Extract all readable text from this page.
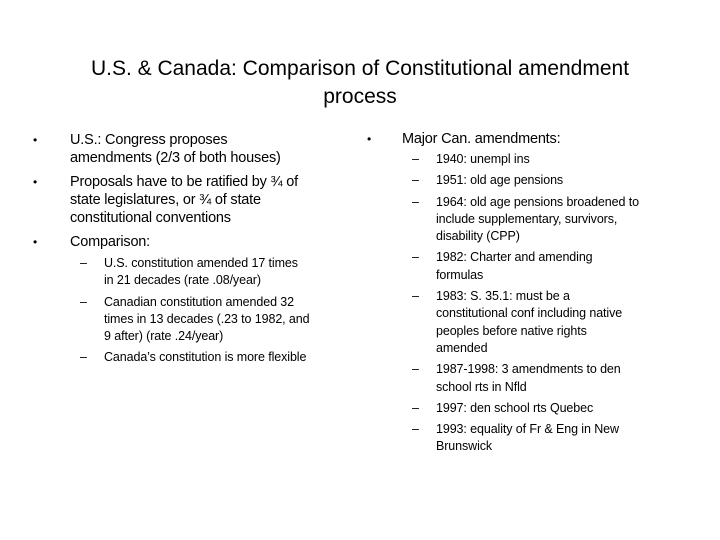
U.S. & Canada: Comparison of Constitutional amendment
process
• U.S.: Congress proposes
amendments (2/3 of both houses)
• Proposals have to be ratified by ¾ of
state legislatures, or ¾ of state
constitutional conventions
• Comparison:
– U.S. constitution amended 17 times
in 21 decades (rate .08/year)
– Canadian constitution amended 32
times in 13 decades (.23 to 1982, and
9 after) (rate .24/year)
– Canada’s constitution is more flexible
• Major Can. amendments:
– 1940: unempl ins
– 1951: old age pensions
– 1964: old age pensions broadened to
include supplementary, survivors,
disability (CPP)
– 1982: Charter and amending
formulas
– 1983: S. 35.1: must be a
constitutional conf including native
peoples before native rights
amended
– 1987-1998: 3 amendments to den
school rts in Nfld
– 1997: den school rts Quebec
– 1993: equality of Fr & Eng in New
Brunswick
